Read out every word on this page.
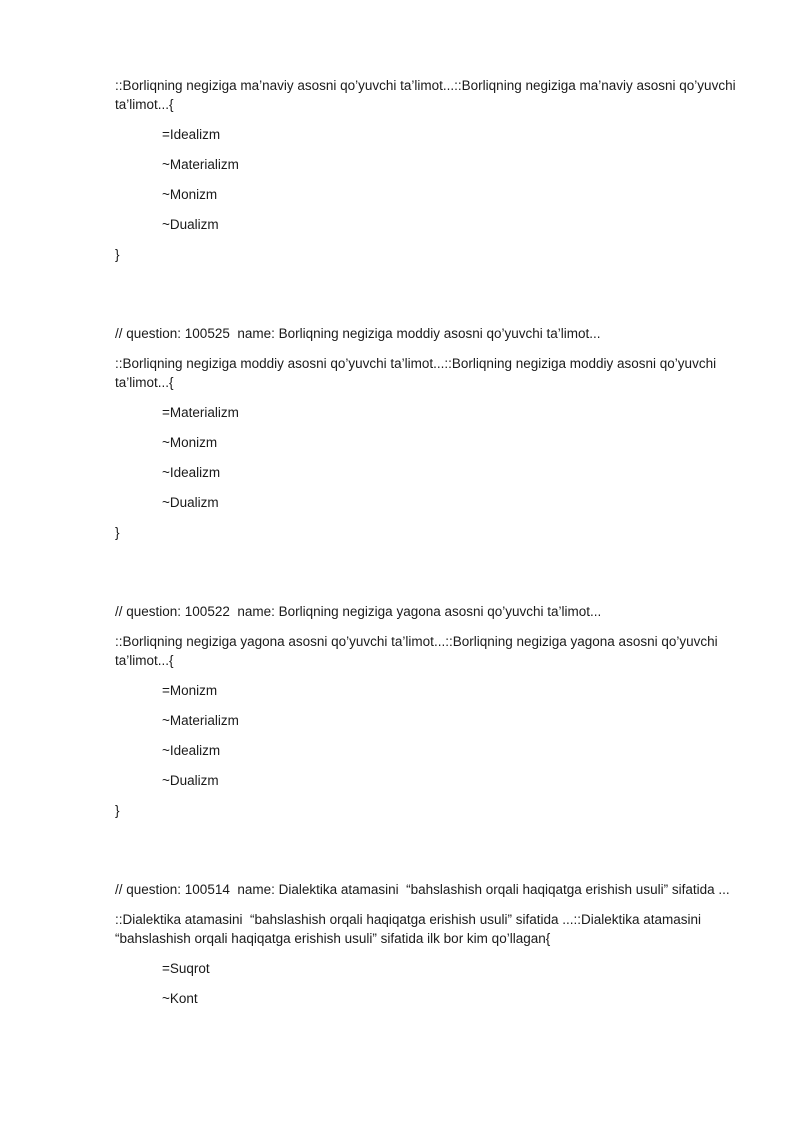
::Borliqning negiziga ma’naviy asosni qo’yuvchi ta’limot...::Borliqning negiziga ma’naviy asosni qo’yuvchi ta’limot...{
=Idealizm
~Materializm
~Monizm
~Dualizm
}
// question: 100525  name: Borliqning negiziga moddiy asosni qo’yuvchi ta’limot...
::Borliqning negiziga moddiy asosni qo’yuvchi ta’limot...::Borliqning negiziga moddiy asosni qo’yuvchi ta’limot...{
=Materializm
~Monizm
~Idealizm
~Dualizm
}
// question: 100522  name: Borliqning negiziga yagona asosni qo’yuvchi ta’limot...
::Borliqning negiziga yagona asosni qo’yuvchi ta’limot...::Borliqning negiziga yagona asosni qo’yuvchi ta’limot...{
=Monizm
~Materializm
~Idealizm
~Dualizm
}
// question: 100514  name: Dialektika atamasini  “bahslashish orqali haqiqatga erishish usuli” sifatida ...
::Dialektika atamasini  “bahslashish orqali haqiqatga erishish usuli” sifatida ...::Dialektika atamasini  “bahslashish orqali haqiqatga erishish usuli” sifatida ilk bor kim qo’llagan{
=Suqrot
~Kont
